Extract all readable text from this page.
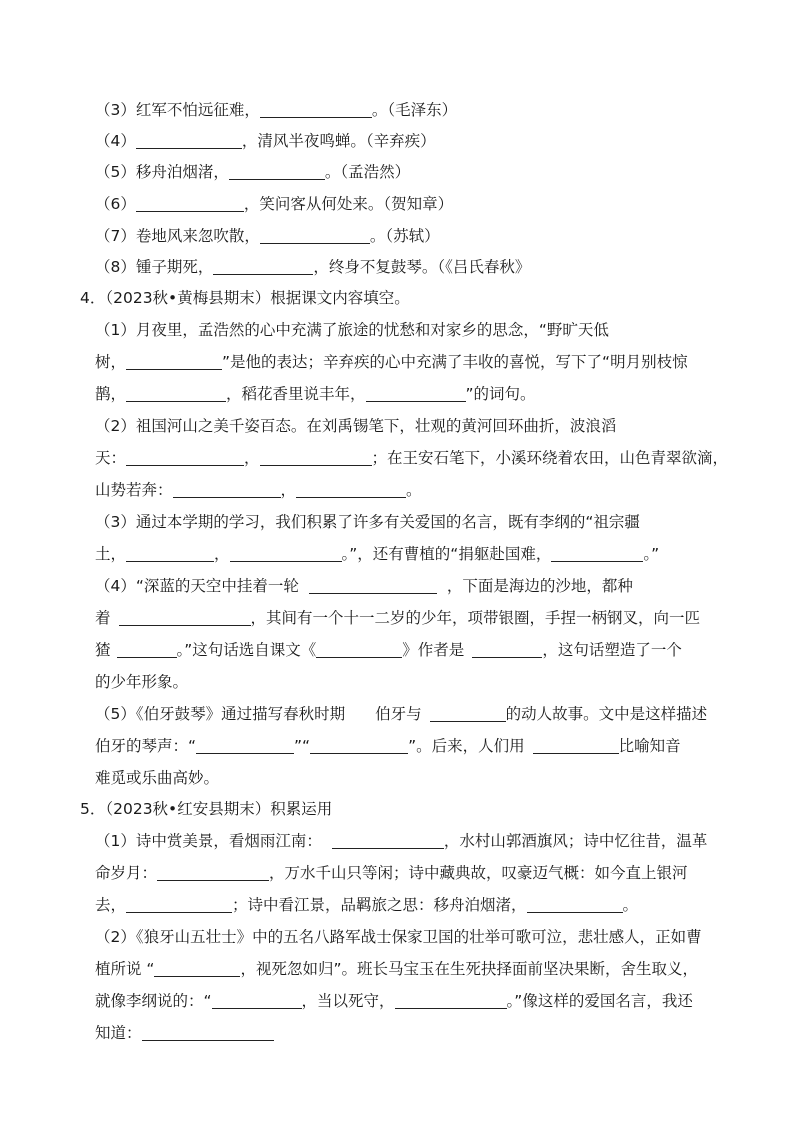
（3）红军不怕远征难，	。（毛泽东）
（4）	，清风半夜鸣蝉。（辛弃疾）
（5）移舟泊烟渚，	。（孟浩然）
（6）	，笑问客从何处来。（贺知章）
（7）卷地风来忽吹散，	。（苏轼）
（8）锺子期死，	，终身不复鼓琴。（《吕氏春秋》
4．（2023秋•黄梅县期末）根据课文内容填空。
（1）月夜里，孟浩然的心中充满了旅途的忧愁和对家乡的思念，“野旷天低
树，	”是他的表达；辛弃疾的心中充满了丰收的喜悦，写下了“明月别枝惊
鹊，	，稻花香里说丰年，	”的词句。
（2）祖国河山之美千姿百态。在刘禹锡笔下，壮观的黄河回环曲折，波浪滔
天：	，	；在王安石笔下，小溪环绕着农田，山色青翠欲滴，
山势若奔：	，	。
（3）通过本学期的学习，我们积累了许多有关爱国的名言，既有李纲的“祖宗疆
土，	，	。”，还有曹植的“捐躯赴国难，	。”
（4）“深蓝的天空中挂着一轮	，下面是海边的沙地，都种
着	，其间有一个十一二岁的少年，项带银圈，手捏一柄钢叉，向一匹
猹	。”这句话选自课文《	》作者是	，这句话塑造了一个
的少年形象。
（5）《伯牙鼓琴》通过描写春秋时期 伯牙与	的动人故事。文中是这样描述
伯牙的琴声：“	”“	”。后来，人们用	比喻知音
难觅或乐曲高妙。
5．（2023秋•红安县期末）积累运用
（1）诗中赏美景，看烟雨江南：	，水村山郭酒旗风；诗中忆往昔，温革
命岁月：	，万水千山只等闲；诗中藏典故，叹豪迈气概：如今直上银河
去，	；诗中看江景，品羁旅之思：移舟泊烟渚，	。
（2）《狼牙山五壮士》中的五名八路军战士保家卫国的壮举可歌可泣，悲壮感人，正如曹
植所说 “	，视死忽如归”。班长马宝玉在生死抉择面前坚决果断，舍生取义，
就像李纲说的：“	，当以死守，	。”像这样的爱国名言，我还
知道：
